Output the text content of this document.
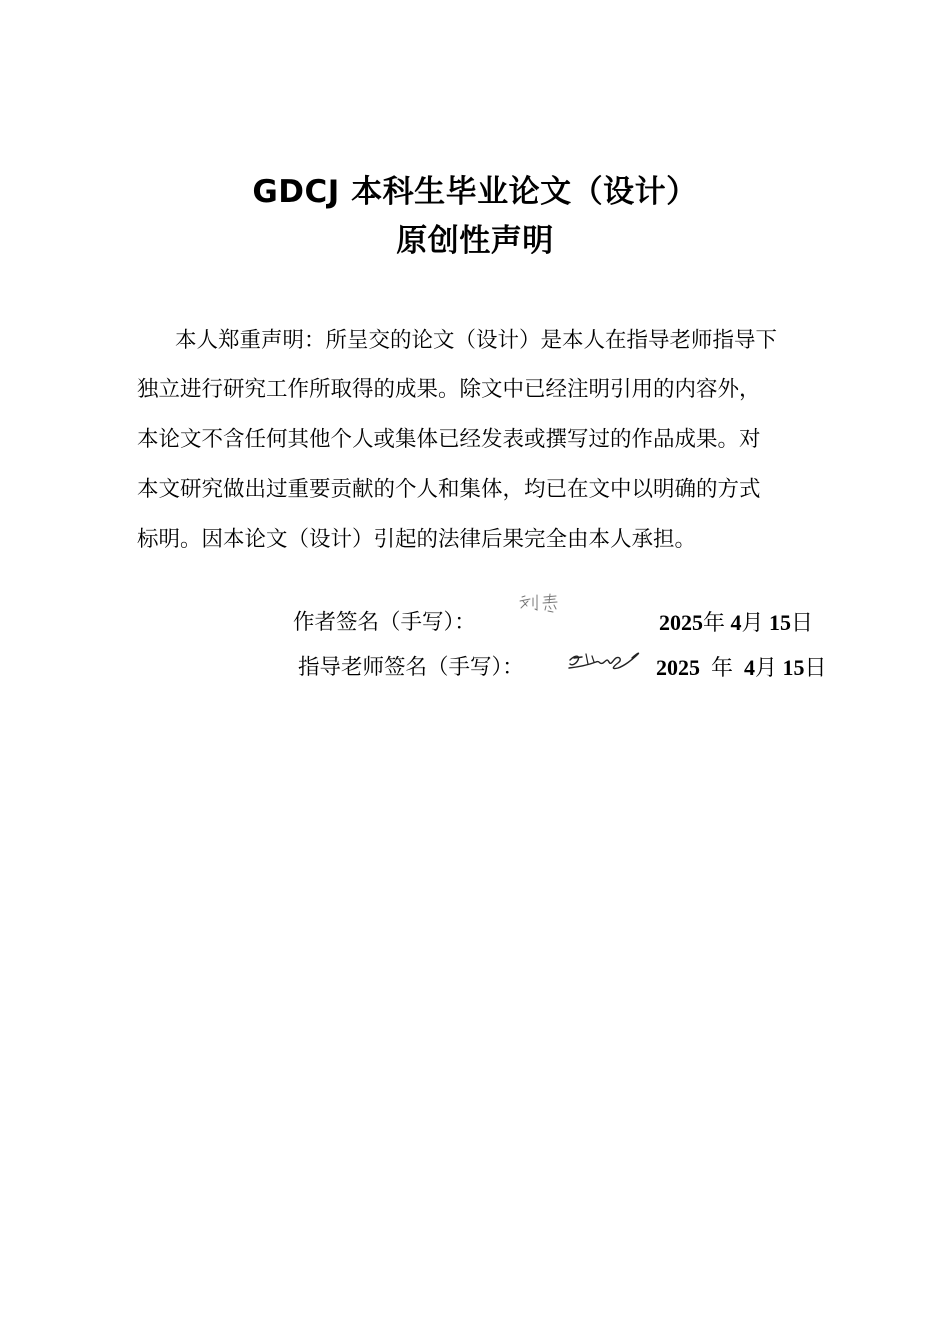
GDCJ 本科生毕业论文（设计）
原创性声明
本人郑重声明：所呈交的论文（设计）是本人在指导老师指导下
独立进行研究工作所取得的成果。除文中已经注明引用的内容外，
本论文不含任何其他个人或集体已经发表或撰写过的作品成果。对
本文研究做出过重要贡献的个人和集体，均已在文中以明确的方式
标明。因本论文（设计）引起的法律后果完全由本人承担。
作者签名（手写）：	2025年 4月 15日
指导老师签名（手写）：	2025 年 4月 15日
